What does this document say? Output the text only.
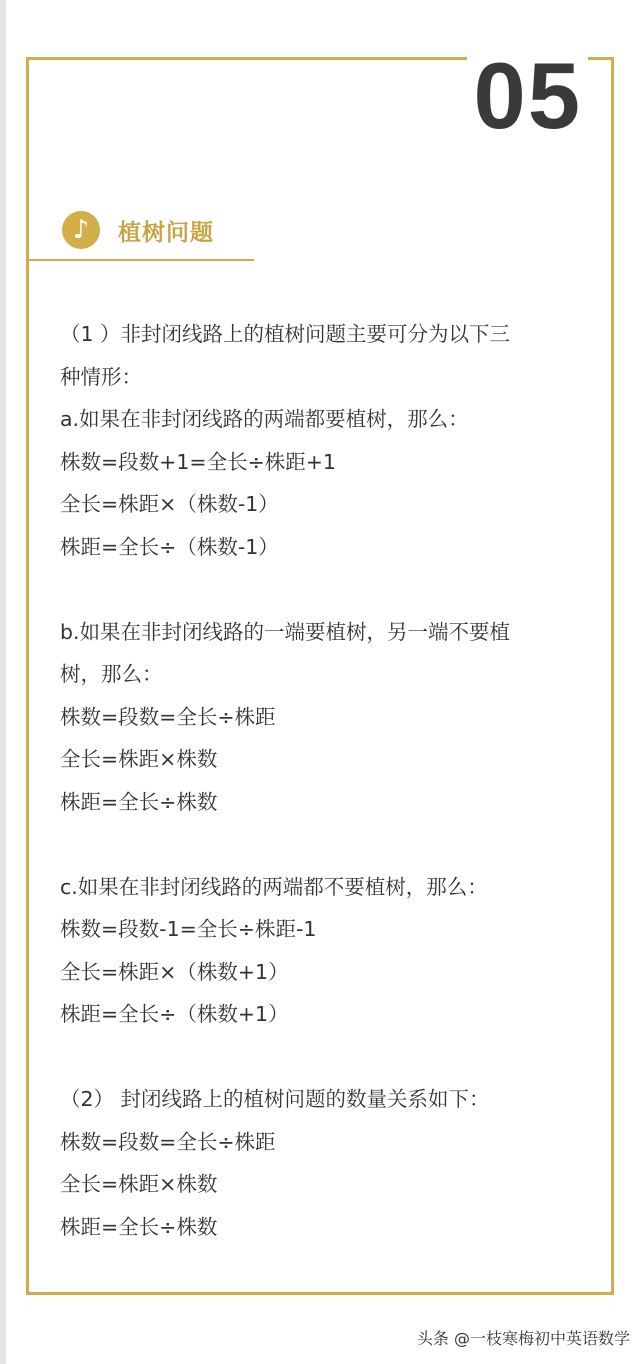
05
♪	植树问题

（1 ）非封闭线路上的植树问题主要可分为以下三

种情形：

a.如果在非封闭线路的两端都要植树，那么：

株数=段数+1=全长÷株距+1

全长=株距×（株数-1）

株距=全长÷（株数-1）

b.如果在非封闭线路的一端要植树，另一端不要植

树，那么：

株数=段数=全长÷株距

全长=株距×株数

株距=全长÷株数

c.如果在非封闭线路的两端都不要植树，那么：

株数=段数-1=全长÷株距-1

全长=株距×（株数+1）

株距=全长÷（株数+1）

（2） 封闭线路上的植树问题的数量关系如下：

株数=段数=全长÷株距

全长=株距×株数

株距=全长÷株数

头条 @一枝寒梅初中英语数学
